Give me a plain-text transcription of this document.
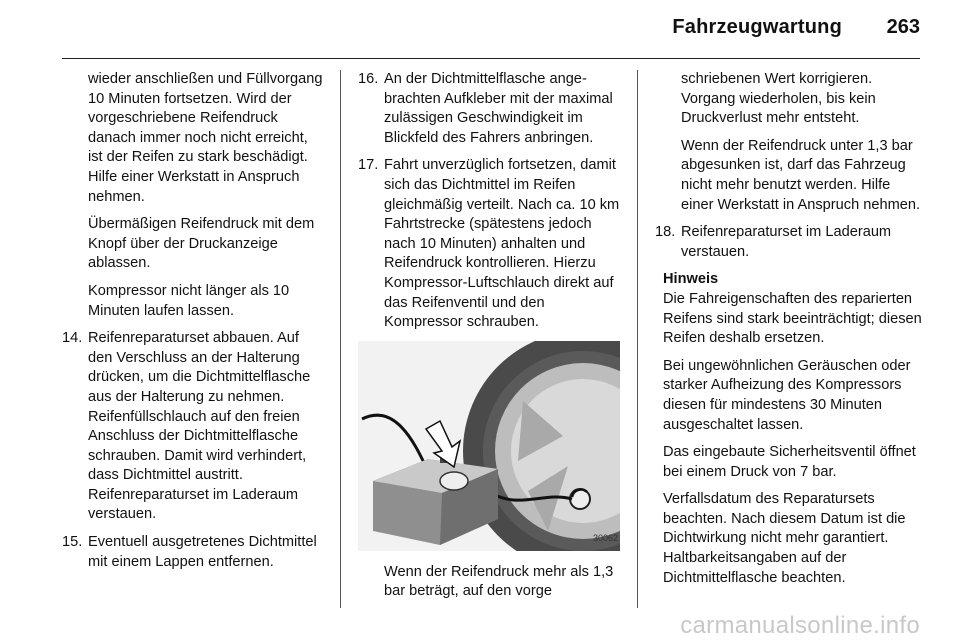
Fahrzeugwartung 263

wieder anschließen und Füllvorgang 10 Minuten fortsetzen. Wird der vorgeschriebene Reifendruck danach immer noch nicht erreicht, ist der Reifen zu stark beschädigt. Hilfe einer Werkstatt in Anspruch nehmen.

Übermäßigen Reifendruck mit dem Knopf über der Druckanzeige ablassen.

Kompressor nicht länger als 10 Minuten laufen lassen.

14. Reifenreparaturset abbauen. Auf den Verschluss an der Halterung drücken, um die Dichtmittelflasche aus der Halterung zu nehmen. Reifenfüllschlauch auf den freien Anschluss der Dichtmittelflasche schrauben. Damit wird verhindert, dass Dichtmittel austritt. Reifenreparaturset im Laderaum verstauen.
15. Eventuell ausgetretenes Dichtmittel mit einem Lappen entfernen.
16. An der Dichtmittelflasche angebrachten Aufkleber mit der maximal zulässigen Geschwindigkeit im Blickfeld des Fahrers anbringen.
17. Fahrt unverzüglich fortsetzen, damit sich das Dichtmittel im Reifen gleichmäßig verteilt. Nach ca. 10 km Fahrtstrecke (spätestens jedoch nach 10 Minuten) anhalten und Reifendruck kontrollieren. Hierzu Kompressor-Luftschlauch direkt auf das Reifenventil und den Kompressor schrauben.
30062

Wenn der Reifendruck mehr als 1,3 bar beträgt, auf den vorge

schriebenen Wert korrigieren. Vorgang wiederholen, bis kein Druckverlust mehr entsteht.

Wenn der Reifendruck unter 1,3 bar abgesunken ist, darf das Fahrzeug nicht mehr benutzt werden. Hilfe einer Werkstatt in Anspruch nehmen.

18. Reifenreparaturset im Laderaum verstauen.

Hinweis

Die Fahreigenschaften des reparierten Reifens sind stark beeinträchtigt; diesen Reifen deshalb ersetzen.

Bei ungewöhnlichen Geräuschen oder starker Aufheizung des Kompressors diesen für mindestens 30 Minuten ausgeschaltet lassen.

Das eingebaute Sicherheitsventil öffnet bei einem Druck von 7 bar.

Verfallsdatum des Reparatursets beachten. Nach diesem Datum ist die Dichtwirkung nicht mehr garantiert. Haltbarkeitsangaben auf der Dichtmittelflasche beachten.

carmanualsonline.info
